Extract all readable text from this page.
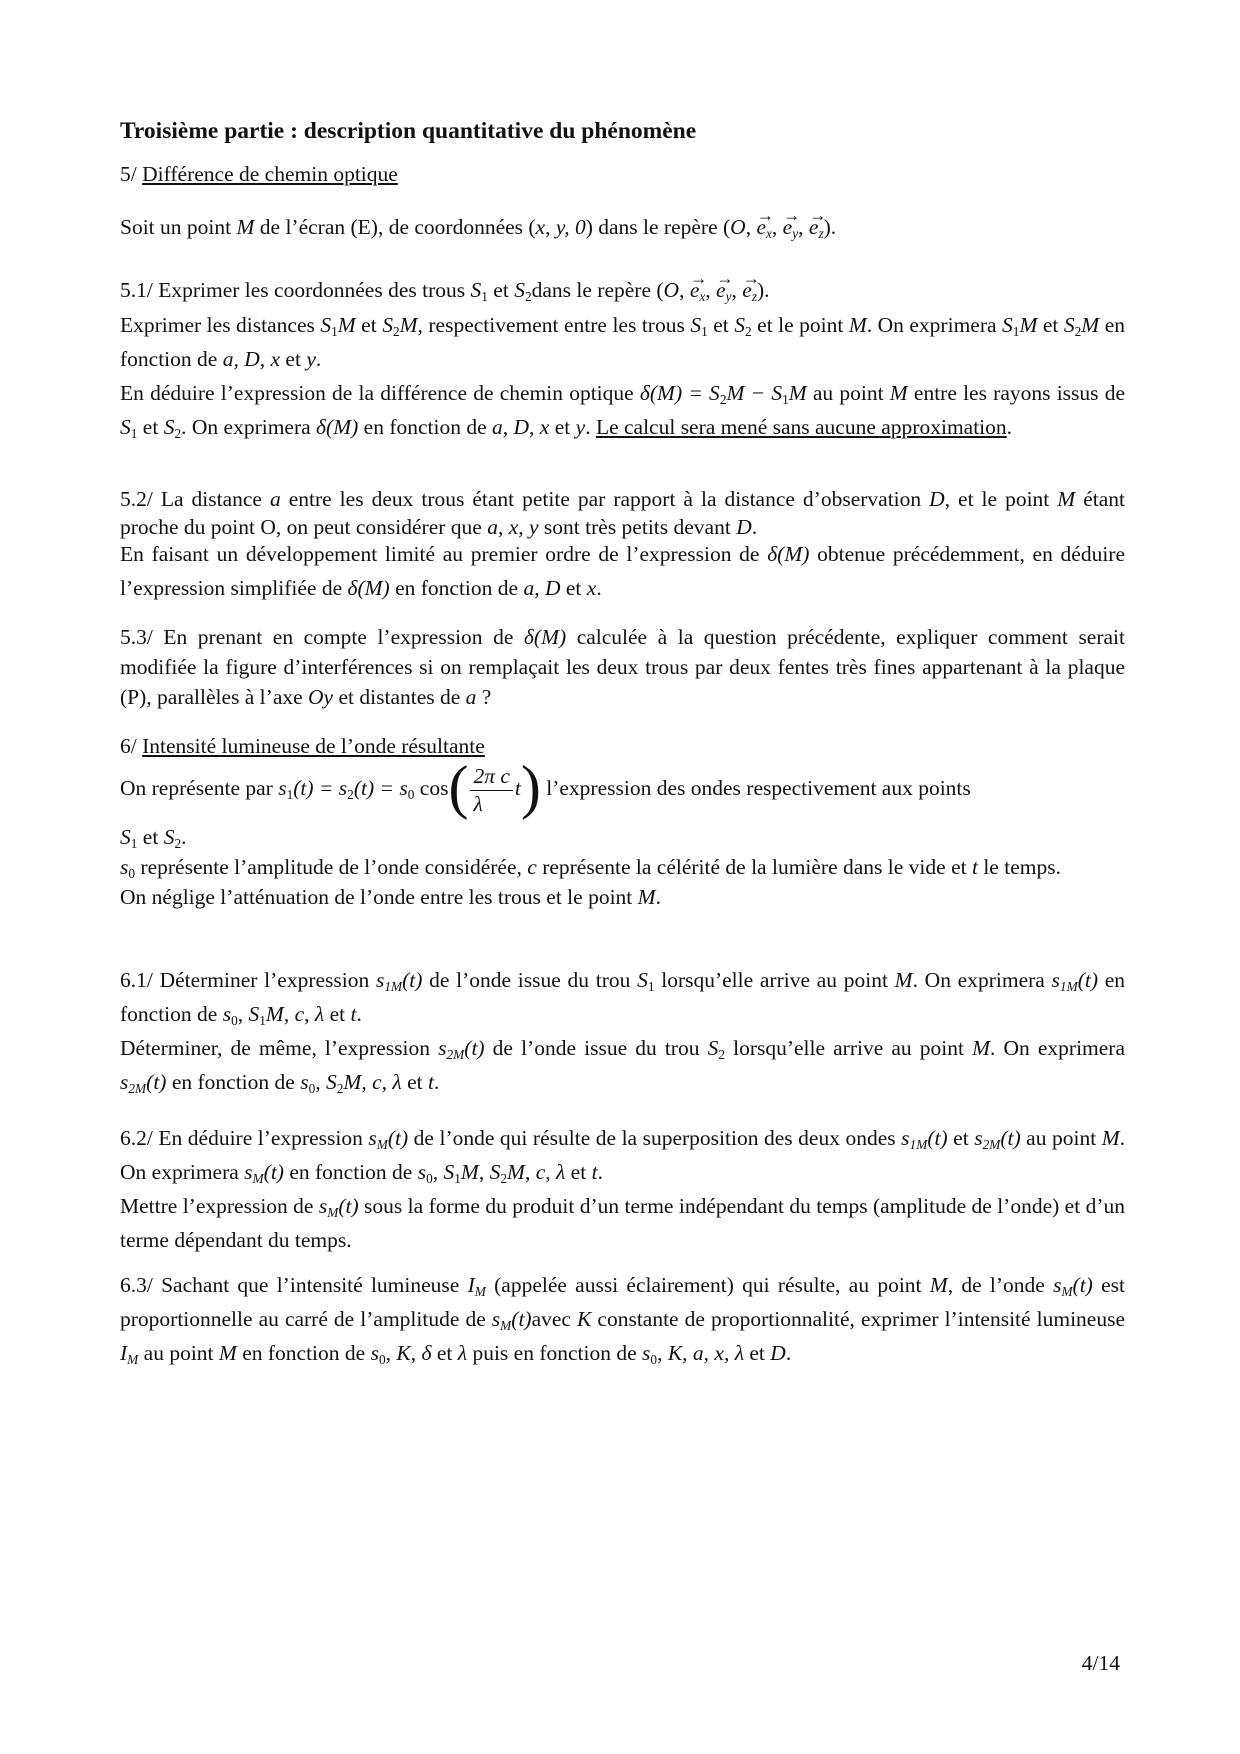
Troisième partie : description quantitative du phénomène
5/ Différence de chemin optique
Soit un point M de l’écran (E), de coordonnées (x, y, 0) dans le repère (O, → $e_x$, → $e_y$, → $e_z$).
5.1/ Exprimer les coordonnées des trous $S_1$ et $S_2dans$ le repère (O, → $e_x$, → $e_y$, → $e_z$).
Exprimer les distances $S_1M$ et $S_2M$, respectivement entre les trous $S_1$ et $S_2$ et le point M. On exprimera $S_1M$ et $S_2M$ en fonction de a, D, x et y.
En déduire l’expression de la différence de chemin optique $\delta(M) = S_2M - S_1M$ au point M entre les rayons issus de $S_1$ et $S_2$. On exprimera δ(M) en fonction de a, D, x et y. Le calcul sera mené sans aucune approximation.
5.2/ La distance a entre les deux trous étant petite par rapport à la distance d’observation D, et le point M étant proche du point O, on peut considérer que a, x, y sont très petits devant D.
En faisant un développement limité au premier ordre de l’expression de δ(M) obtenue précédemment, en déduire l’expression simplifiée de δ(M) en fonction de a, D et x.
5.3/ En prenant en compte l’expression de δ(M) calculée à la question précédente, expliquer comment serait modifiée la figure d’interférences si on remplaçait les deux trous par deux fentes très fines appartenant à la plaque (P), parallèles à l’axe Oy et distantes de a ?
6/ Intensité lumineuse de l’onde résultante
On représente par $s_1(t) = s_2(t) = s_0$ $\cos( \frac{\text{2π c}}{\lambda} t)$ l’expression des ondes respectivement aux points
$S_1$ et $S_2$.
$s_0$ représente l’amplitude de l’onde considérée, c représente la célérité de la lumière dans le vide et t le temps.
On néglige l’atténuation de l’onde entre les trous et le point M.
6.1/ Déterminer l’expression $s_{1M}(t)$ de l’onde issue du trou $S_1$ lorsqu’elle arrive au point M. On exprimera $s_{1M}(t)$ en fonction de $s_0$, $S_1M$, c, λ et t.
Déterminer, de même, l’expression $s_{2M}(t)$ de l’onde issue du trou $S_2$ lorsqu’elle arrive au point M. On exprimera $s_{2M}(t)$ en fonction de $s_0$, $S_2M$, c, λ et t.
6.2/ En déduire l’expression $s_M(t)$ de l’onde qui résulte de la superposition des deux ondes $s_{1M}(t)$ et $s_{2M}(t)$ au point M. On exprimera $s_M(t)$ en fonction de $s_0$, $S_1M$, $S_2M$, c, λ et t.
Mettre l’expression de $s_M(t)$ sous la forme du produit d’un terme indépendant du temps (amplitude de l’onde) et d’un terme dépendant du temps.
6.3/ Sachant que l’intensité lumineuse $I_M$ (appelée aussi éclairement) qui résulte, au point M, de l’onde $s_M(t)$ est proportionnelle au carré de l’amplitude de $s_M(t)avec$ K constante de proportionnalité, exprimer l’intensité lumineuse $I_M$ au point M en fonction de $s_0$, K, δ et λ puis en fonction de $s_0$, K, a, x, λ et D.
4/14
